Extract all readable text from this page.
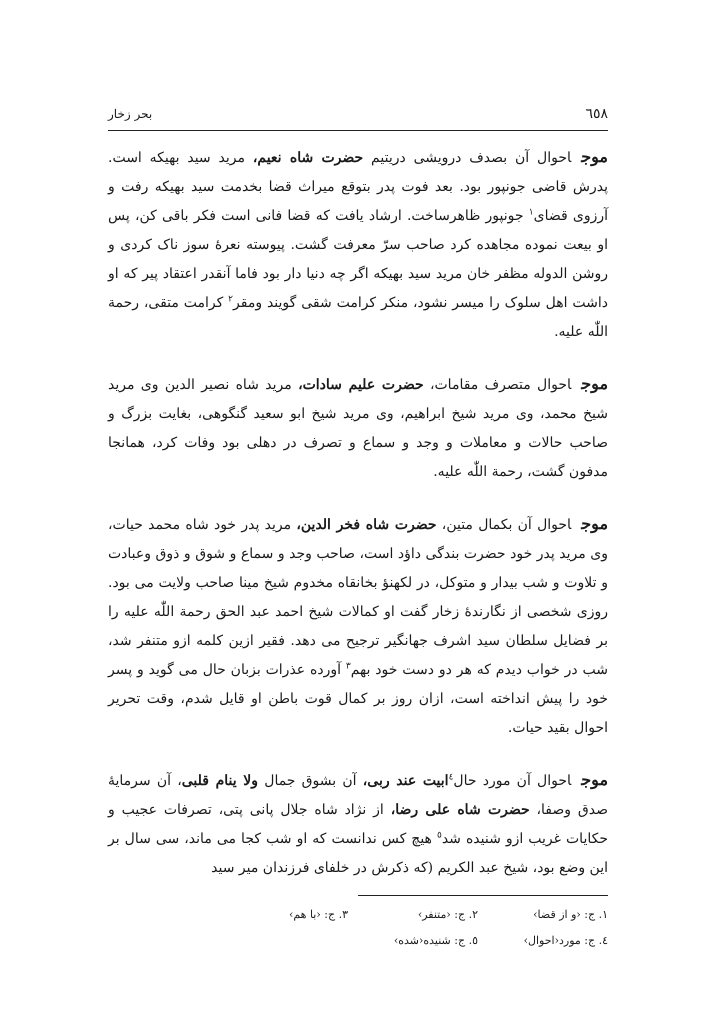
٦٥٨
بحر زخار

موجاحوال آن بصدف درویشی دریتیم حضرت شاه نعیم، مرید سید بهیکه است. پدرش قاضی جونپور بود. بعد فوت پدر بتوقع میراث قضا بخدمت سید بهیکه رفت و آرزوی قضای$^١$ جونپور ظاهرساخت. ارشاد یافت که قضا فانی است فکر باقی کن، پس او بیعت نموده مجاهده کرد صاحب سرّ معرفت گشت. پیوسته نعرهٔ سوز ناک کردی و روشن الدوله مظفر خان مرید سید بهیکه اگر چه دنیا دار بود فاما آنقدر اعتقاد پیر که او داشت اهل سلوک را میسر نشود، منکر کرامت شقی گویند ومقر$^٢$ کرامت متقی، رحمة اللّٰه علیه.

موجاحوال متصرف مقامات، حضرت علیم سادات، مرید شاه نصیر الدین وی مرید شیخ محمد، وی مرید شیخ ابراهیم، وی مرید شیخ ابو سعید گنگوهی، بغایت بزرگ و صاحب حالات و معاملات و وجد و سماع و تصرف در دهلی بود وفات کرد، همانجا مدفون گشت، رحمة اللّٰه علیه.

موجاحوال آن بکمال متین، حضرت شاه فخر الدین، مرید پدر خود شاه محمد حیات، وی مرید پدر خود حضرت بندگی داؤد است، صاحب وجد و سماع و شوق و ذوق وعبادت و تلاوت و شب بیدار و متوکل، در لکهنؤ بخانقاه مخدوم شیخ مینا صاحب ولایت می بود. روزی شخصی از نگارندهٔ زخار گفت او کمالات شیخ احمد عبد الحق رحمة اللّٰه علیه را بر فضایل سلطان سید اشرف جهانگیر ترجیح می دهد. فقیر ازین کلمه ازو متنفر شد، شب در خواب دیدم که هر دو دست خود بهم$^٣$ آورده عذرات بزبان حال می گوید و پسر خود را پیش انداخته است، ازان روز بر کمال قوت باطن او قایل شدم، وقت تحریر احوال بقید حیات.

موجاحوال آن مورد حال$^٤$ابیت عند ربی، آن بشوق جمال ولا ینام قلبی، آن سرمایهٔ صدق وصفا، حضرت شاه علی رضا، از نژاد شاه جلال پانی پتی، تصرفات عجیب و حکایات غریب ازو شنیده شد$^٥$ هیچ کس ندانست که او شب کجا می ماند، سی سال بر این وضع بود، شیخ عبد الکریم (که ذکرش در خلفای فرزندان میر سید

١. ج: ‹و از قضا›
٢. ج: ‹متنفر›
٣. ج: ‹با هم›
٤. ج: مورد‹احوال›
٥. ج: شنیده‹شده›
